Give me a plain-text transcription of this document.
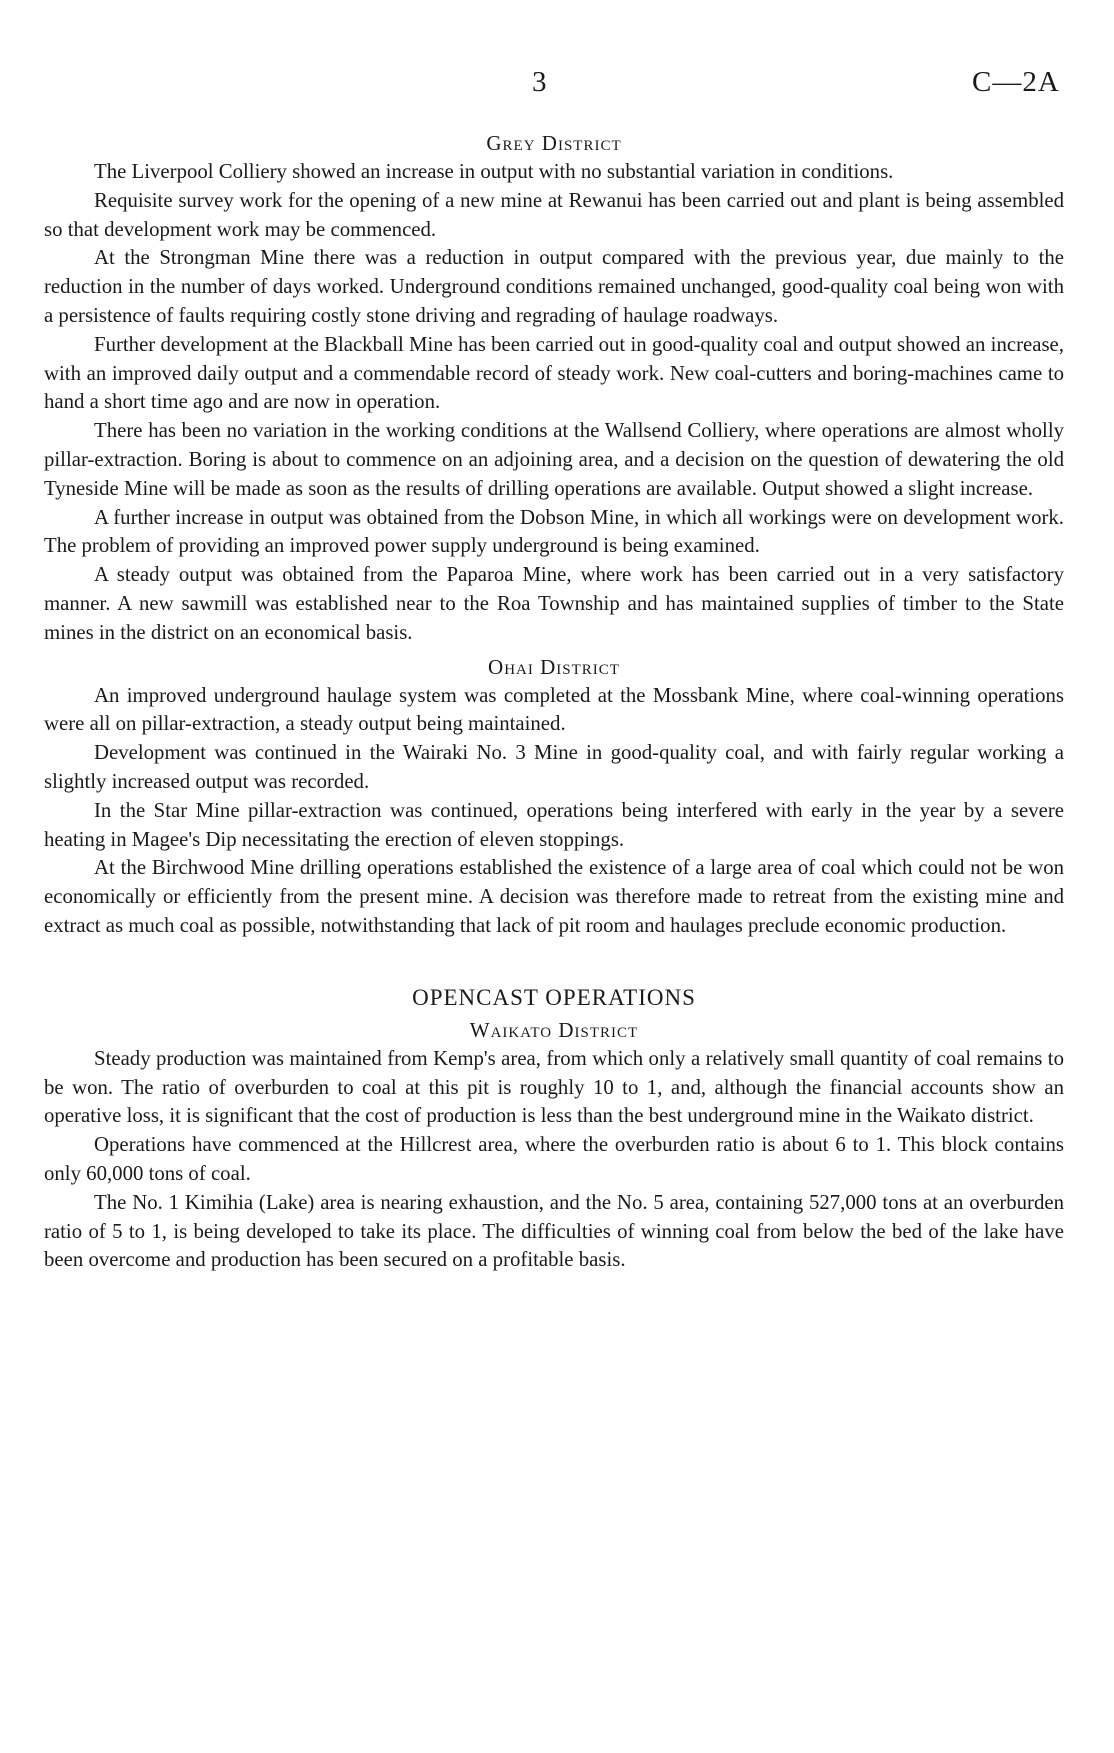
3	C—2A
Grey District

The Liverpool Colliery showed an increase in output with no substantial variation in conditions.

Requisite survey work for the opening of a new mine at Rewanui has been carried out and plant is being assembled so that development work may be commenced.

At the Strongman Mine there was a reduction in output compared with the previous year, due mainly to the reduction in the number of days worked. Underground conditions remained unchanged, good-quality coal being won with a persistence of faults requiring costly stone driving and regrading of haulage roadways.

Further development at the Blackball Mine has been carried out in good-quality coal and output showed an increase, with an improved daily output and a commendable record of steady work. New coal-cutters and boring-machines came to hand a short time ago and are now in operation.

There has been no variation in the working conditions at the Wallsend Colliery, where operations are almost wholly pillar-extraction. Boring is about to commence on an adjoining area, and a decision on the question of dewatering the old Tyneside Mine will be made as soon as the results of drilling operations are available. Output showed a slight increase.

A further increase in output was obtained from the Dobson Mine, in which all workings were on development work. The problem of providing an improved power supply underground is being examined.

A steady output was obtained from the Paparoa Mine, where work has been carried out in a very satisfactory manner. A new sawmill was established near to the Roa Township and has maintained supplies of timber to the State mines in the district on an economical basis.

Ohai District

An improved underground haulage system was completed at the Mossbank Mine, where coal-winning operations were all on pillar-extraction, a steady output being maintained.

Development was continued in the Wairaki No. 3 Mine in good-quality coal, and with fairly regular working a slightly increased output was recorded.

In the Star Mine pillar-extraction was continued, operations being interfered with early in the year by a severe heating in Magee's Dip necessitating the erection of eleven stoppings.

At the Birchwood Mine drilling operations established the existence of a large area of coal which could not be won economically or efficiently from the present mine. A decision was therefore made to retreat from the existing mine and extract as much coal as possible, notwithstanding that lack of pit room and haulages preclude economic production.

OPENCAST OPERATIONS
Waikato District

Steady production was maintained from Kemp's area, from which only a relatively small quantity of coal remains to be won. The ratio of overburden to coal at this pit is roughly 10 to 1, and, although the financial accounts show an operative loss, it is significant that the cost of production is less than the best underground mine in the Waikato district.

Operations have commenced at the Hillcrest area, where the overburden ratio is about 6 to 1. This block contains only 60,000 tons of coal.

The No. 1 Kimihia (Lake) area is nearing exhaustion, and the No. 5 area, containing 527,000 tons at an overburden ratio of 5 to 1, is being developed to take its place. The difficulties of winning coal from below the bed of the lake have been overcome and production has been secured on a profitable basis.
